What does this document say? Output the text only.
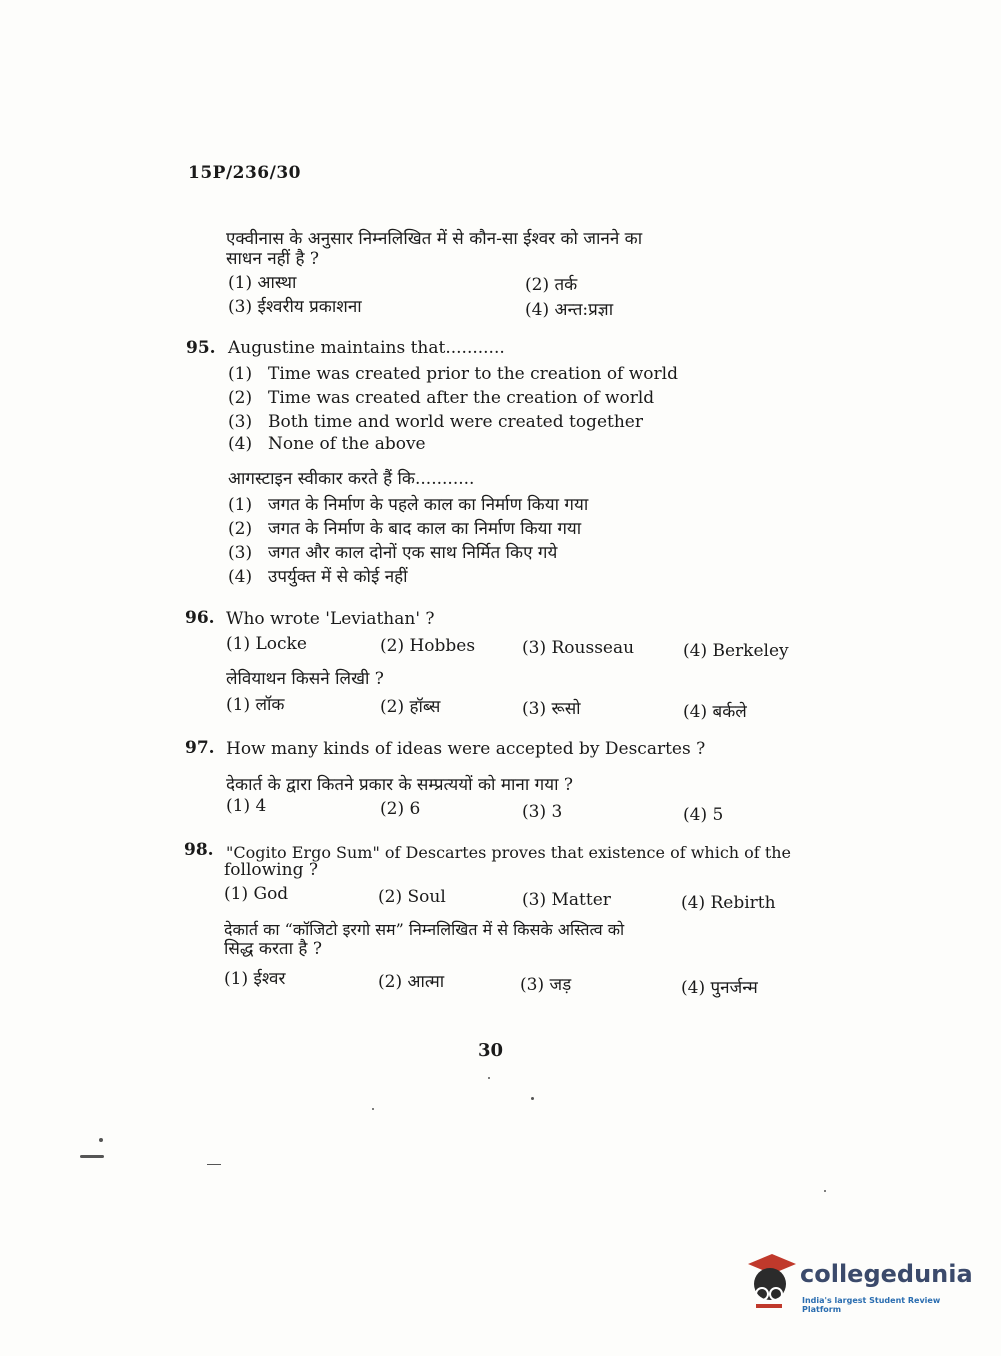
15P/236/30
एक्वीनास के अनुसार निम्नलिखित में से कौन-सा ईश्वर को जानने का
साधन नहीं है ?
(1) आस्था	(2) तर्क
(3) ईश्वरीय प्रकाशना	(4) अन्त:प्रज्ञा
95. Augustine maintains that...........
(1) Time was created prior to the creation of world
(2) Time was created after the creation of world
(3) Both time and world were created together
(4) None of the above
आगस्टाइन स्वीकार करते हैं कि...........
(1) जगत के निर्माण के पहले काल का निर्माण किया गया
(2) जगत के निर्माण के बाद काल का निर्माण किया गया
(3) जगत और काल दोनों एक साथ निर्मित किए गये
(4) उपर्युक्त में से कोई नहीं
96. Who wrote 'Leviathan' ?
(1) Locke	(2) Hobbes	(3) Rousseau	(4) Berkeley
लेवियाथन किसने लिखी ?
(1) लॉक	(2) हॉब्स	(3) रूसो	(4) बर्कले
97. How many kinds of ideas were accepted by Descartes ?
देकार्त के द्वारा कितने प्रकार के सम्प्रत्ययों को माना गया ?
(1) 4	(2) 6	(3) 3	(4) 5
98. "Cogito Ergo Sum" of Descartes proves that existence of which of the
following ?
(1) God	(2) Soul	(3) Matter	(4) Rebirth
देकार्त का “कॉजिटो इरगो सम” निम्नलिखित में से किसके अस्तित्व को
सिद्ध करता है ?
(1) ईश्वर	(2) आत्मा	(3) जड़	(4) पुनर्जन्म
30
collegedunia
India's largest Student Review Platform
